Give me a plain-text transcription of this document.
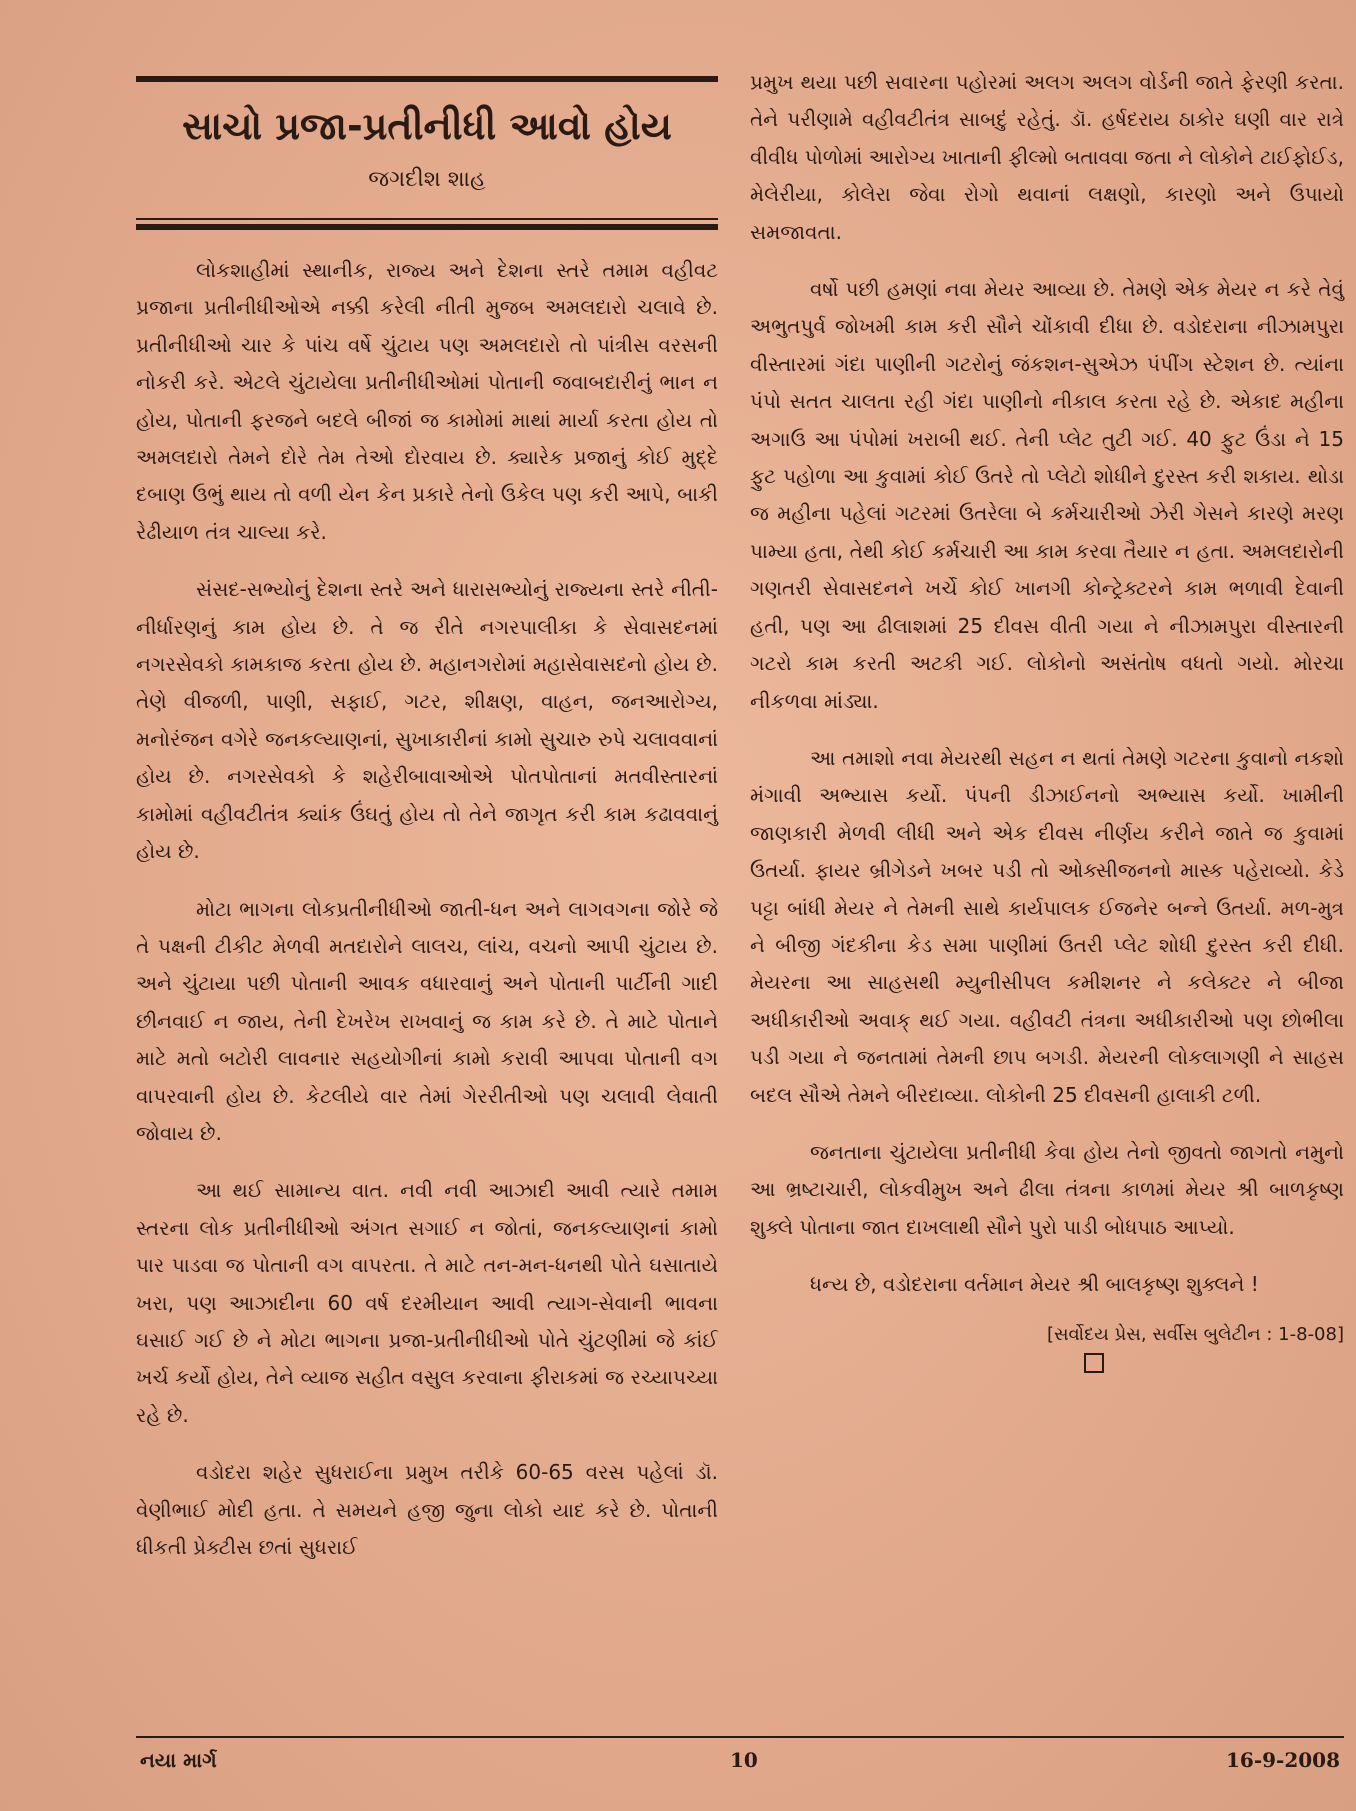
સાચો પ્રજા-પ્રતીનીધી આવો હોય
જગદીશ શાહ

લોકશાહીમાં સ્થાનીક, રાજ્ય અને દેશના સ્તરે તમામ વહીવટ પ્રજાના પ્રતીનીધીઓએ નક્કી કરેલી નીતી મુજબ અમલદારો ચલાવે છે. પ્રતીનીધીઓ ચાર કે પાંચ વર્ષે ચુંટાય પણ અમલદારો તો પાંત્રીસ વરસની નોકરી કરે. એટલે ચુંટાયેલા પ્રતીનીધીઓમાં પોતાની જવાબદારીનું ભાન ન હોય, પોતાની ફરજને બદલે બીજાં જ કામોમાં માથાં માર્યા કરતા હોય તો અમલદારો તેમને દોરે તેમ તેઓ દોરવાય છે. ક્યારેક પ્રજાનું કોઈ મુદ્દે દબાણ ઉભું થાય તો વળી યેન કેન પ્રકારે તેનો ઉકેલ પણ કરી આપે, બાકી રેઢીયાળ તંત્ર ચાલ્યા કરે.

સંસદ-સભ્યોનું દેશના સ્તરે અને ધારાસભ્યોનું રાજ્યના સ્તરે નીતી-નીર્ધારણનું કામ હોય છે. તે જ રીતે નગરપાલીકા કે સેવાસદનમાં નગરસેવકો કામકાજ કરતા હોય છે. મહાનગરોમાં મહાસેવાસદનો હોય છે. તેણે વીજળી, પાણી, સફાઈ, ગટર, શીક્ષણ, વાહન, જનઆરોગ્ય, મનોરંજન વગેરે જનકલ્યાણનાં, સુખાકારીનાં કામો સુચારુ રુપે ચલાવવાનાં હોય છે. નગરસેવકો કે શહેરીબાવાઓએ પોતપોતાનાં મતવીસ્તારનાં કામોમાં વહીવટીતંત્ર ક્યાંક ઉંઘતું હોય તો તેને જાગૃત કરી કામ કઢાવવાનું હોય છે.

મોટા ભાગના લોકપ્રતીનીધીઓ જાતી-ધન અને લાગવગના જોરે જે તે પક્ષની ટીકીટ મેળવી મતદારોને લાલચ, લાંચ, વચનો આપી ચુંટાય છે. અને ચુંટાયા પછી પોતાની આવક વધારવાનું અને પોતાની પાર્ટીની ગાદી છીનવાઈ ન જાય, તેની દેખરેખ રાખવાનું જ કામ કરે છે. તે માટે પોતાને માટે મતો બટોરી લાવનાર સહયોગીનાં કામો કરાવી આપવા પોતાની વગ વાપરવાની હોય છે. કેટલીયે વાર તેમાં ગેરરીતીઓ પણ ચલાવી લેવાતી જોવાય છે.

આ થઈ સામાન્ય વાત. નવી નવી આઝાદી આવી ત્યારે તમામ સ્તરના લોક પ્રતીનીધીઓ અંગત સગાઈ ન જોતાં, જનકલ્યાણનાં કામો પાર પાડવા જ પોતાની વગ વાપરતા. તે માટે તન-મન-ધનથી પોતે ઘસાતાયે ખરા, પણ આઝાદીના 60 વર્ષ દરમીયાન આવી ત્યાગ-સેવાની ભાવના ઘસાઈ ગઈ છે ને મોટા ભાગના પ્રજા-પ્રતીનીધીઓ પોતે ચુંટણીમાં જે કાંઈ ખર્ચ કર્યો હોય, તેને વ્યાજ સહીત વસુલ કરવાના ફીરાકમાં જ રચ્યાપચ્યા રહે છે.

વડોદરા શહેર સુધરાઈના પ્રમુખ તરીકે 60-65 વરસ પહેલાં ડૉ. વેણીભાઈ મોદી હતા. તે સમયને હજી જુના લોકો યાદ કરે છે. પોતાની ધીકતી પ્રેક્ટીસ છતાં સુધરાઈ

પ્રમુખ થયા પછી સવારના પહોરમાં અલગ અલગ વોર્ડની જાતે ફેરણી કરતા. તેને પરીણામે વહીવટીતંત્ર સાબદું રહેતું. ડૉ. હર્ષદરાય ઠાકોર ઘણી વાર રાત્રે વીવીધ પોળોમાં આરોગ્ય ખાતાની ફીલ્મો બતાવવા જતા ને લોકોને ટાઈફોઈડ, મેલેરીયા, કોલેરા જેવા રોગો થવાનાં લક્ષણો, કારણો અને ઉપાયો સમજાવતા.

વર્ષો પછી હમણાં નવા મેયર આવ્યા છે. તેમણે એક મેયર ન કરે તેવું અભુતપુર્વ જોખમી કામ કરી સૌને ચોંકાવી દીધા છે. વડોદરાના નીઝામપુરા વીસ્તારમાં ગંદા પાણીની ગટરોનું જંકશન-સુએઝ પંપીંગ સ્ટેશન છે. ત્યાંના પંપો સતત ચાલતા રહી ગંદા પાણીનો નીકાલ કરતા રહે છે. એકાદ મહીના અગાઉ આ પંપોમાં ખરાબી થઈ. તેની પ્લેટ તુટી ગઈ. 40 ફુટ ઉંડા ને 15 ફુટ પહોળા આ કુવામાં કોઈ ઉતરે તો પ્લેટો શોધીને દુરસ્ત કરી શકાય. થોડા જ મહીના પહેલાં ગટરમાં ઉતરેલા બે કર્મચારીઓ ઝેરી ગેસને કારણે મરણ પામ્યા હતા, તેથી કોઈ કર્મચારી આ કામ કરવા તૈયાર ન હતા. અમલદારોની ગણતરી સેવાસદનને ખર્ચે કોઈ ખાનગી કોન્ટ્રેક્ટરને કામ ભળાવી દેવાની હતી, પણ આ ઢીલાશમાં 25 દીવસ વીતી ગયા ને નીઝામપુરા વીસ્તારની ગટરો કામ કરતી અટકી ગઈ. લોકોનો અસંતોષ વધતો ગયો. મોરચા નીકળવા માંડ્યા.

આ તમાશો નવા મેયરથી સહન ન થતાં તેમણે ગટરના કુવાનો નકશો મંગાવી અભ્યાસ કર્યો. પંપની ડીઝાઈનનો અભ્યાસ કર્યો. ખામીની જાણકારી મેળવી લીધી અને એક દીવસ નીર્ણય કરીને જાતે જ કુવામાં ઉતર્યા. ફાયર બ્રીગેડને ખબર પડી તો ઓક્સીજનનો માસ્ક પહેરાવ્યો. કેડે પટ્ટા બાંધી મેયર ને તેમની સાથે કાર્યપાલક ઈજનેર બન્ને ઉતર્યા. મળ-મુત્ર ને બીજી ગંદકીના કેડ સમા પાણીમાં ઉતરી પ્લેટ શોધી દુરસ્ત કરી દીધી. મેયરના આ સાહસથી મ્યુનીસીપલ કમીશનર ને કલેક્ટર ને બીજા અધીકારીઓ અવાક્ થઈ ગયા. વહીવટી તંત્રના અધીકારીઓ પણ છોભીલા પડી ગયા ને જનતામાં તેમની છાપ બગડી. મેયરની લોકલાગણી ને સાહસ બદલ સૌએ તેમને બીરદાવ્યા. લોકોની 25 દીવસની હાલાકી ટળી.

જનતાના ચુંટાયેલા પ્રતીનીધી કેવા હોય તેનો જીવતો જાગતો નમુનો આ ભ્રષ્ટાચારી, લોકવીમુખ અને ઢીલા તંત્રના કાળમાં મેયર શ્રી બાળકૃષ્ણ શુક્લે પોતાના જાત દાખલાથી સૌને પુરો પાડી બોધપાઠ આપ્યો.

ધન્ય છે, વડોદરાના વર્તમાન મેયર શ્રી બાલકૃષ્ણ શુક્લને !

[સર્વોદય પ્રેસ, સર્વીસ બુલેટીન : 1-8-08]

નયા માર્ગ	10	16-9-2008
